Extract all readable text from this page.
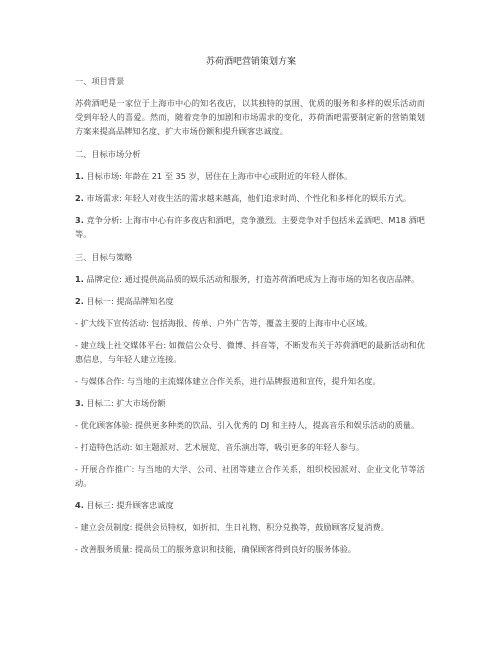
苏荷酒吧营销策划方案

一、项目背景

苏荷酒吧是一家位于上海市中心的知名夜店，以其独特的氛围、优质的服务和多样的娱乐活动而受到年轻人的喜爱。然而，随着竞争的加剧和市场需求的变化，苏荷酒吧需要制定新的营销策划方案来提高品牌知名度、扩大市场份额和提升顾客忠诚度。

二、目标市场分析

1. 目标市场: 年龄在 21 至 35 岁，居住在上海市中心或附近的年轻人群体。

2. 市场需求: 年轻人对夜生活的需求越来越高，他们追求时尚、个性化和多样化的娱乐方式。

3. 竞争分析: 上海市中心有许多夜店和酒吧，竞争激烈。主要竞争对手包括米孟酒吧、M18 酒吧等。

三、目标与策略

1. 品牌定位: 通过提供高品质的娱乐活动和服务，打造苏荷酒吧成为上海市场的知名夜店品牌。

2. 目标一: 提高品牌知名度

- 扩大线下宣传活动: 包括海报、传单、户外广告等，覆盖主要的上海市中心区域。

- 建立线上社交媒体平台: 如微信公众号、微博、抖音等，不断发布关于苏荷酒吧的最新活动和优惠信息，与年轻人建立连接。

- 与媒体合作: 与当地的主流媒体建立合作关系，进行品牌报道和宣传，提升知名度。

3. 目标二: 扩大市场份额

- 优化顾客体验: 提供更多种类的饮品、引入优秀的 DJ 和主持人，提高音乐和娱乐活动的质量。

- 打造特色活动: 如主题派对、艺术展览、音乐演出等，吸引更多的年轻人参与。

- 开展合作推广: 与当地的大学、公司、社团等建立合作关系，组织校园派对、企业文化节等活动。

4. 目标三: 提升顾客忠诚度

- 建立会员制度: 提供会员特权，如折扣、生日礼物、积分兑换等，鼓励顾客反复消费。

- 改善服务质量: 提高员工的服务意识和技能，确保顾客得到良好的服务体验。
